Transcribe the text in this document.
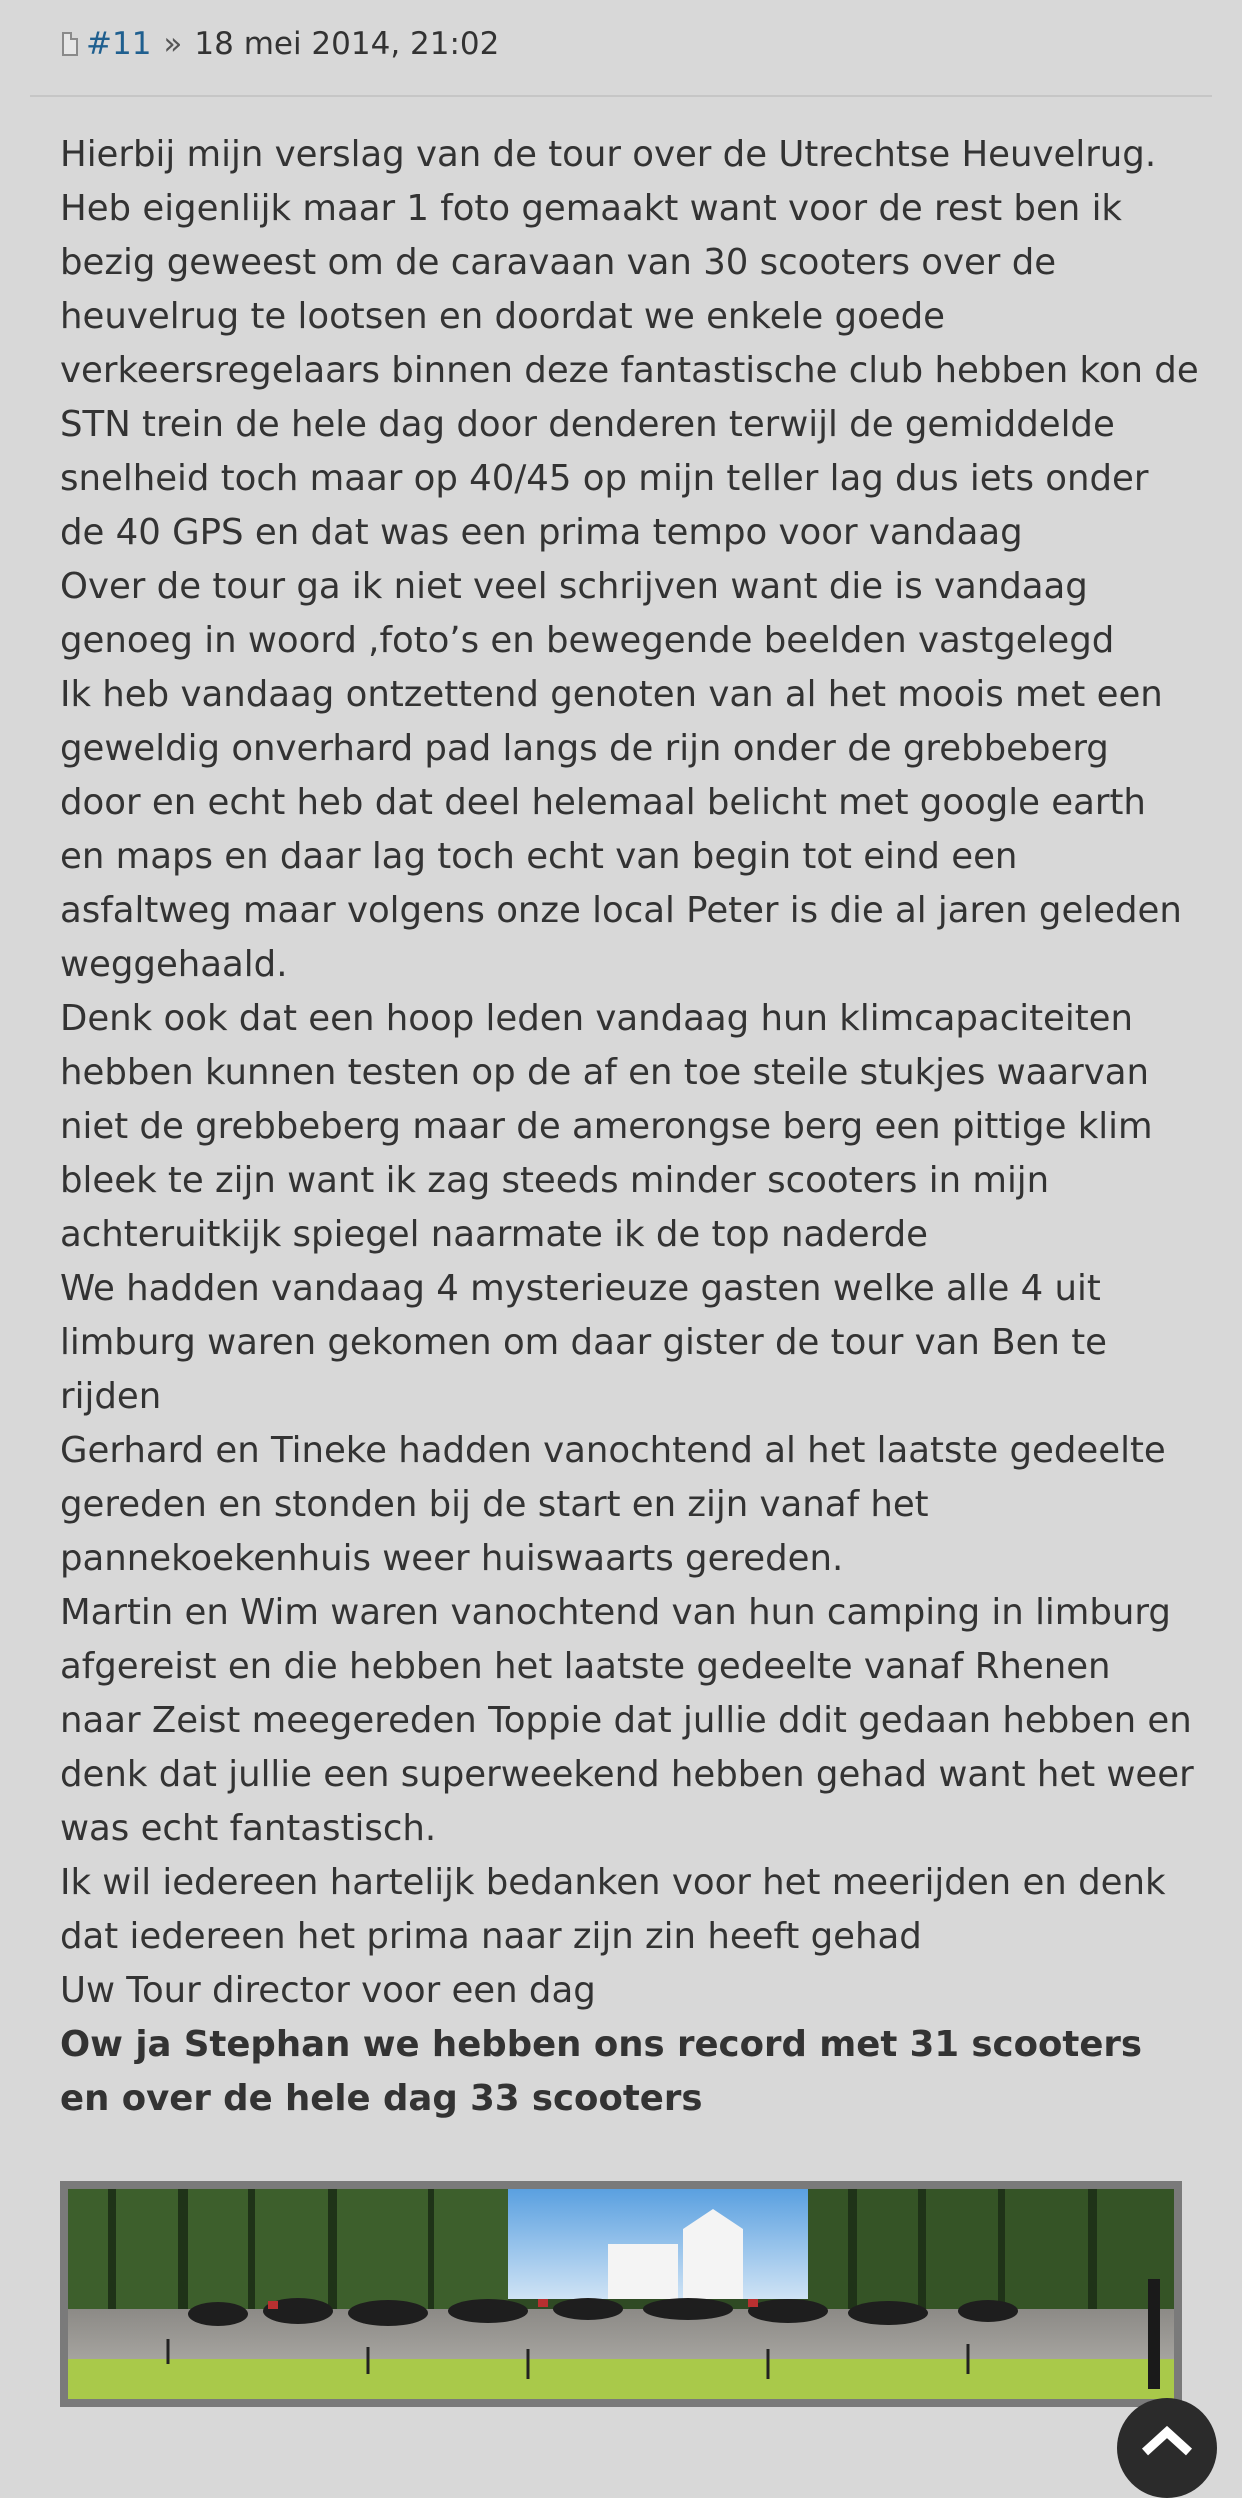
#11 » 18 mei 2014, 21:02

Hierbij mijn verslag van de tour over de Utrechtse Heuvelrug. Heb eigenlijk maar 1 foto gemaakt want voor de rest ben ik bezig geweest om de caravaan van 30 scooters over de heuvelrug te lootsen en doordat we enkele goede verkeersregelaars binnen deze fantastische club hebben kon de STN trein de hele dag door denderen terwijl de gemiddelde snelheid toch maar op 40/45 op mijn teller lag dus iets onder de 40 GPS en dat was een prima tempo voor vandaag

Over de tour ga ik niet veel schrijven want die is vandaag genoeg in woord ,foto’s en bewegende beelden vastgelegd

Ik heb vandaag ontzettend genoten van al het moois met een geweldig onverhard pad langs de rijn onder de grebbeberg door en echt heb dat deel helemaal belicht met google earth en maps en daar lag toch echt van begin tot eind een asfaltweg maar volgens onze local Peter is die al jaren geleden weggehaald.

Denk ook dat een hoop leden vandaag hun klimcapaciteiten hebben kunnen testen op de af en toe steile stukjes waarvan niet de grebbeberg maar de amerongse berg een pittige klim bleek te zijn want ik zag steeds minder scooters in mijn achteruitkijk spiegel naarmate ik de top naderde

We hadden vandaag 4 mysterieuze gasten welke alle 4 uit limburg waren gekomen om daar gister de tour van Ben te rijden

Gerhard en Tineke hadden vanochtend al het laatste gedeelte gereden en stonden bij de start en zijn vanaf het pannekoekenhuis weer huiswaarts gereden.

Martin en Wim waren vanochtend van hun camping in limburg afgereist en die hebben het laatste gedeelte vanaf Rhenen naar Zeist meegereden Toppie dat jullie ddit gedaan hebben en denk dat jullie een superweekend hebben gehad want het weer was echt fantastisch.

Ik wil iedereen hartelijk bedanken voor het meerijden en denk dat iedereen het prima naar zijn zin heeft gehad

Uw Tour director voor een dag

Ow ja Stephan we hebben ons record met 31 scooters en over de hele dag 33 scooters
